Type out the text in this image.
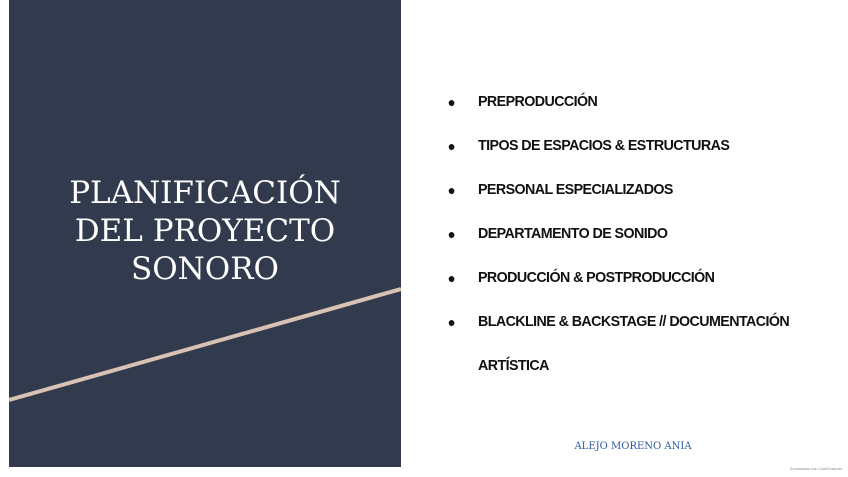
PLANIFICACIÓN
DEL PROYECTO
SONORO
● PREPRODUCCIÓN
● TIPOS DE ESPACIOS & ESTRUCTURAS
● PERSONAL ESPECIALIZADOS
● DEPARTAMENTO DE SONIDO
● PRODUCCIÓN & POSTPRODUCCIÓN
● BLACKLINE & BACKSTAGE // DOCUMENTACIÓN
ARTÍSTICA
ALEJO MORENO ANIA
Escaneado con CamScanner
